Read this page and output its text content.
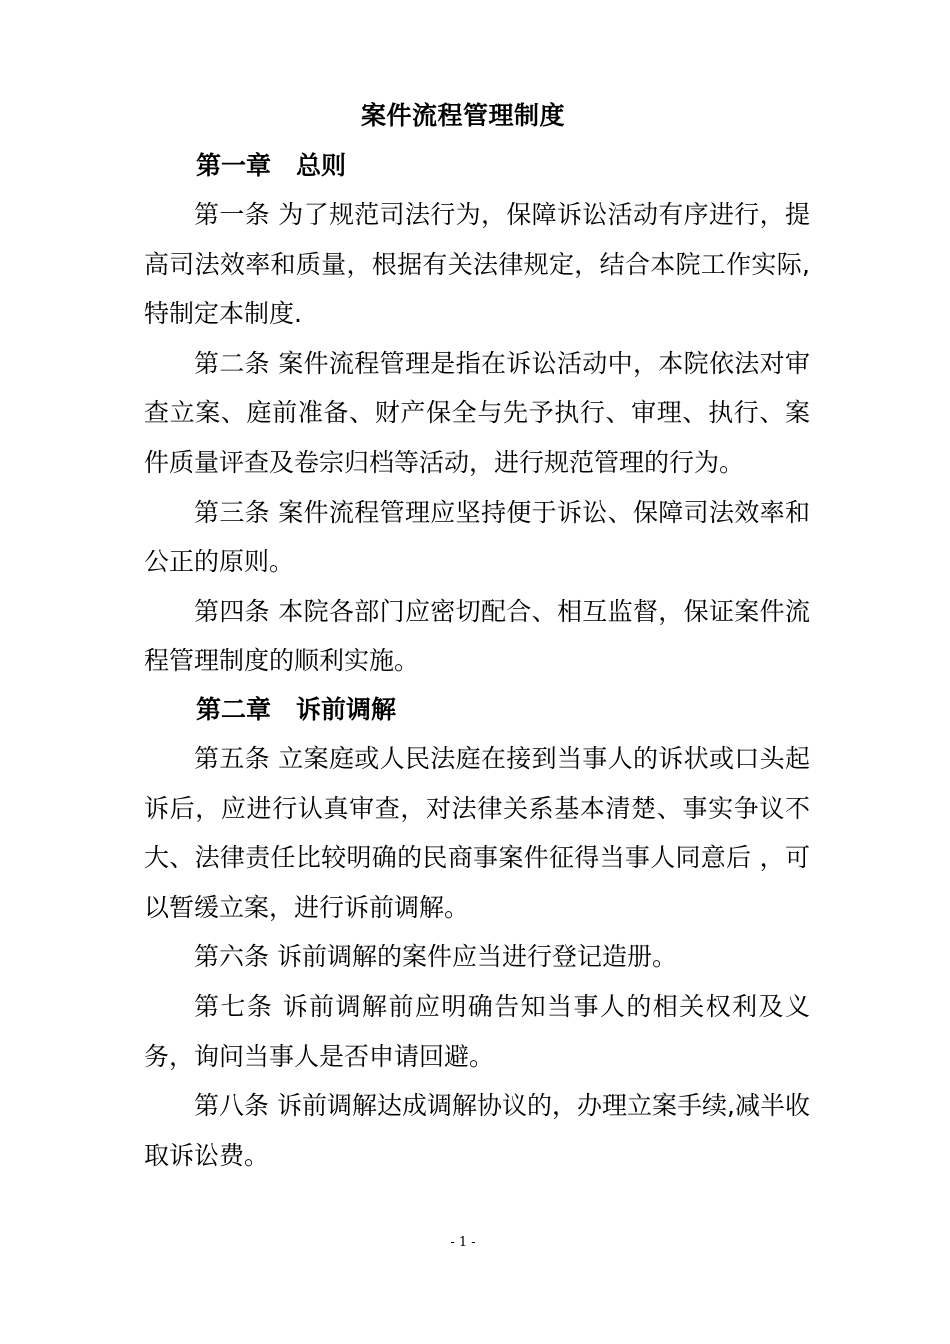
案件流程管理制度

第一章　总则

第一条 为了规范司法行为，保障诉讼活动有序进行，提高司法效率和质量，根据有关法律规定，结合本院工作实际,特制定本制度.

第二条 案件流程管理是指在诉讼活动中，本院依法对审查立案、庭前准备、财产保全与先予执行、审理、执行、案件质量评查及卷宗归档等活动，进行规范管理的行为。

第三条 案件流程管理应坚持便于诉讼、保障司法效率和公正的原则。

第四条 本院各部门应密切配合、相互监督，保证案件流程管理制度的顺利实施。

第二章　诉前调解

第五条 立案庭或人民法庭在接到当事人的诉状或口头起诉后，应进行认真审查，对法律关系基本清楚、事实争议不大、法律责任比较明确的民商事案件征得当事人同意后 ，可以暂缓立案，进行诉前调解。

第六条 诉前调解的案件应当进行登记造册。

第七条 诉前调解前应明确告知当事人的相关权利及义务，询问当事人是否申请回避。

第八条 诉前调解达成调解协议的，办理立案手续,减半收取诉讼费。

- 1 -
